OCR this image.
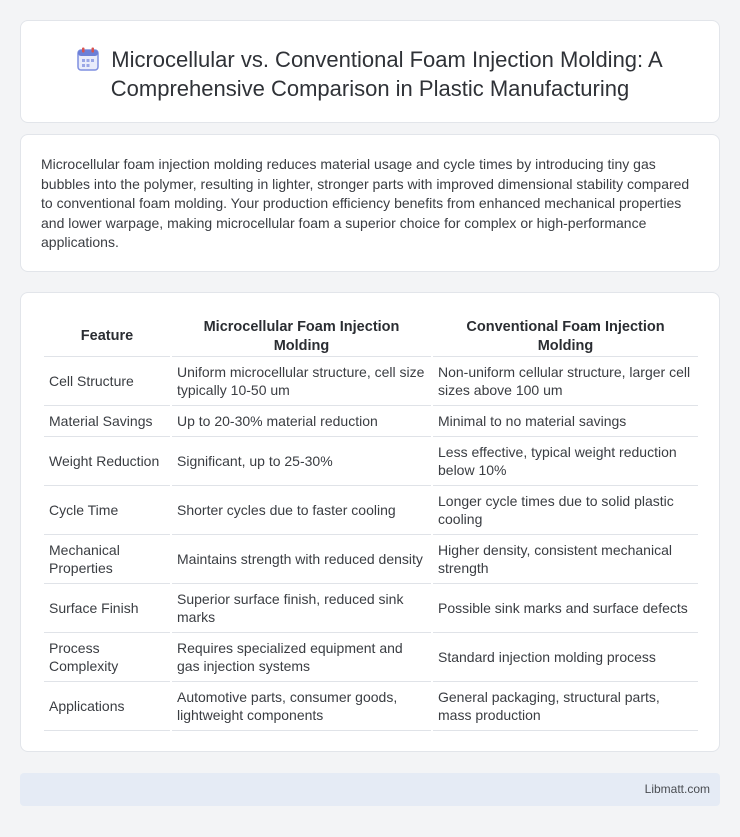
Microcellular vs. Conventional Foam Injection Molding: A Comprehensive Comparison in Plastic Manufacturing

Microcellular foam injection molding reduces material usage and cycle times by introducing tiny gas bubbles into the polymer, resulting in lighter, stronger parts with improved dimensional stability compared to conventional foam molding. Your production efficiency benefits from enhanced mechanical properties and lower warpage, making microcellular foam a superior choice for complex or high-performance applications.

Feature	Microcellular Foam Injection Molding	Conventional Foam Injection Molding
Cell Structure	Uniform microcellular structure, cell size typically 10-50 um	Non-uniform cellular structure, larger cell sizes above 100 um
Material Savings	Up to 20-30% material reduction	Minimal to no material savings
Weight Reduction	Significant, up to 25-30%	Less effective, typical weight reduction below 10%
Cycle Time	Shorter cycles due to faster cooling	Longer cycle times due to solid plastic cooling
Mechanical Properties	Maintains strength with reduced density	Higher density, consistent mechanical strength
Surface Finish	Superior surface finish, reduced sink marks	Possible sink marks and surface defects
Process Complexity	Requires specialized equipment and gas injection systems	Standard injection molding process
Applications	Automotive parts, consumer goods, lightweight components	General packaging, structural parts, mass production
Libmatt.com
